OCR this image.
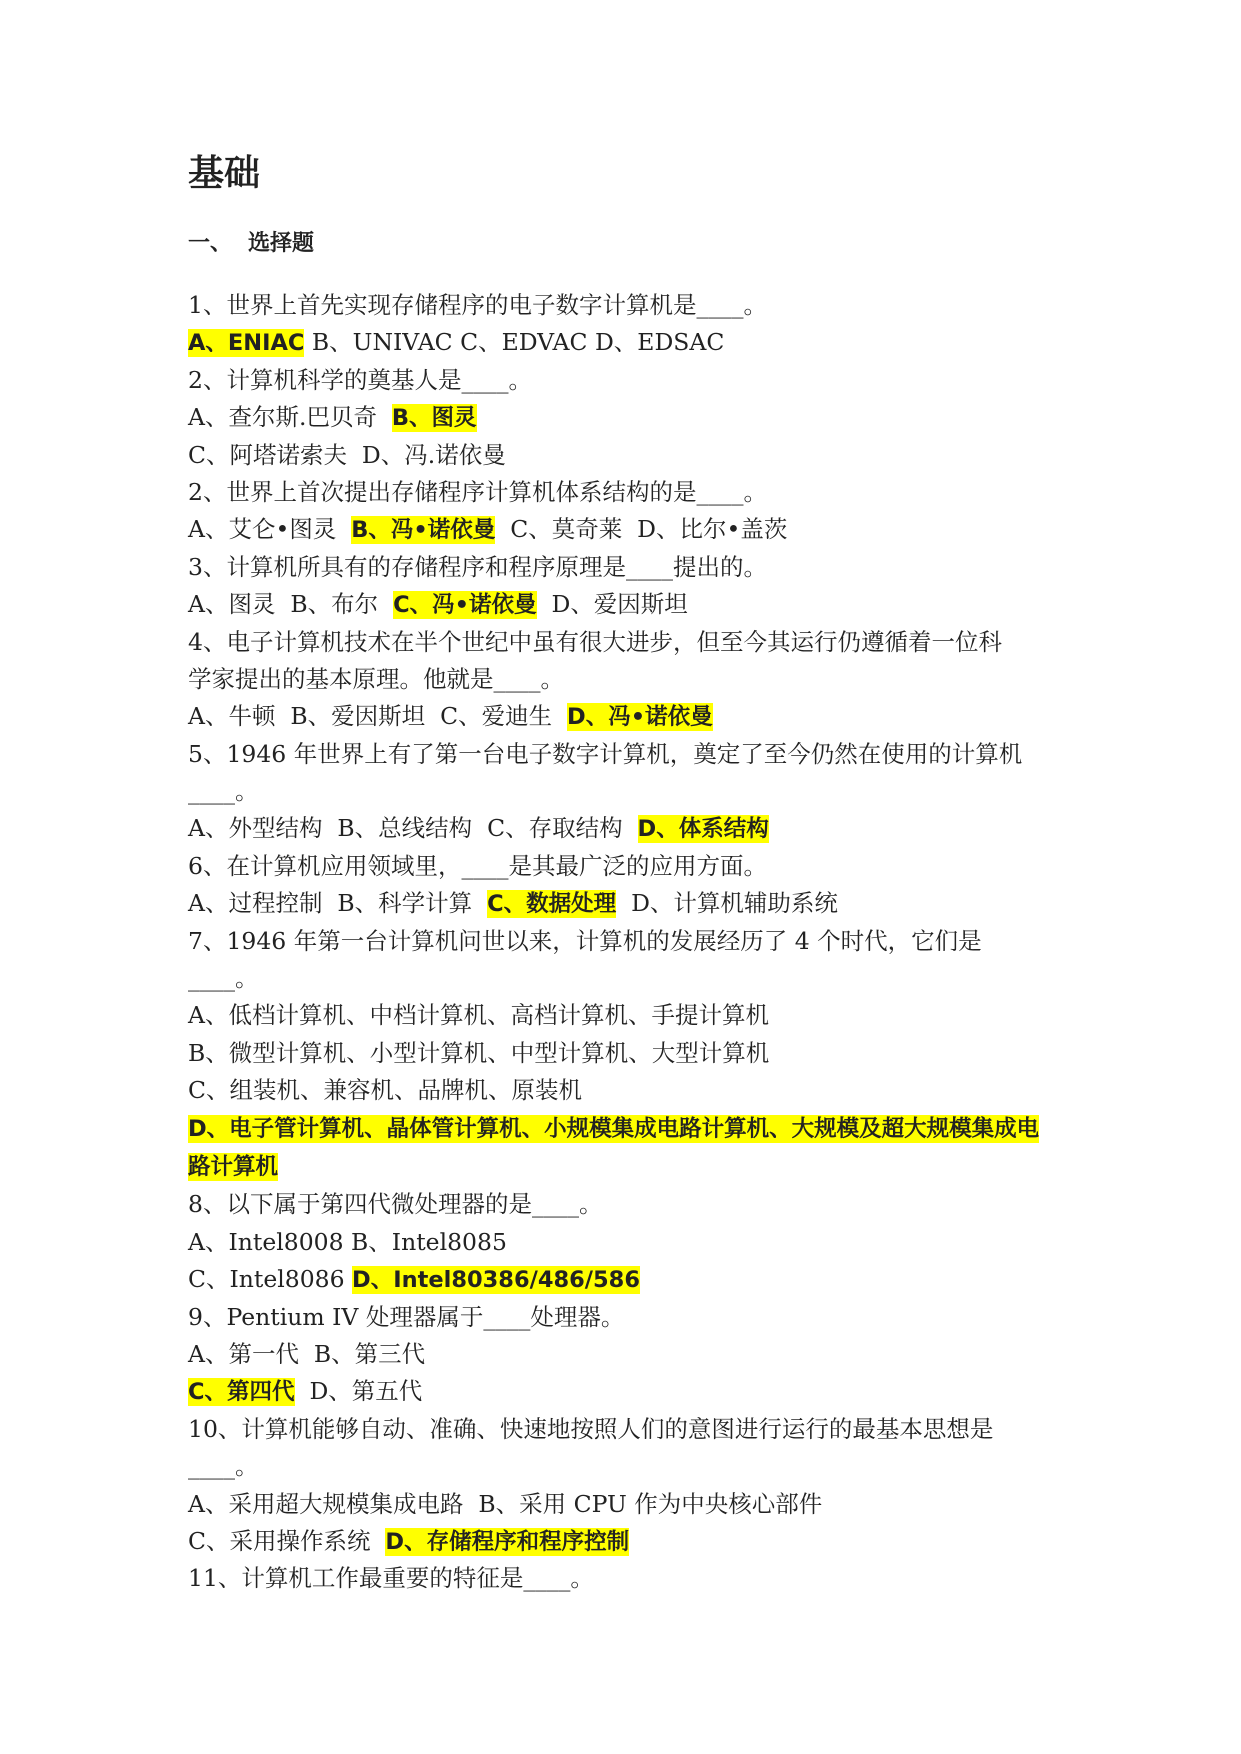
基础
一、 选择题
1、世界上首先实现存储程序的电子数字计算机是____。
A、ENIAC B、UNIVAC C、EDVAC D、EDSAC
2、计算机科学的奠基人是____。
A、查尔斯.巴贝奇  B、图灵
C、阿塔诺索夫  D、冯.诺依曼
2、世界上首次提出存储程序计算机体系结构的是____。
A、艾仑•图灵  B、冯•诺依曼  C、莫奇莱  D、比尔•盖茨
3、计算机所具有的存储程序和程序原理是____提出的。
A、图灵  B、布尔  C、冯•诺依曼  D、爱因斯坦
4、电子计算机技术在半个世纪中虽有很大进步，但至今其运行仍遵循着一位科
学家提出的基本原理。他就是____。
A、牛顿  B、爱因斯坦  C、爱迪生  D、冯•诺依曼
5、1946 年世界上有了第一台电子数字计算机，奠定了至今仍然在使用的计算机
____。
A、外型结构  B、总线结构  C、存取结构  D、体系结构
6、在计算机应用领域里，____是其最广泛的应用方面。
A、过程控制  B、科学计算  C、数据处理  D、计算机辅助系统
7、1946 年第一台计算机问世以来，计算机的发展经历了 4 个时代，它们是
____。
A、低档计算机、中档计算机、高档计算机、手提计算机
B、微型计算机、小型计算机、中型计算机、大型计算机
C、组装机、兼容机、品牌机、原装机
D、电子管计算机、晶体管计算机、小规模集成电路计算机、大规模及超大规模集成电路计算机
8、以下属于第四代微处理器的是____。
A、Intel8008 B、Intel8085
C、Intel8086 D、Intel80386/486/586
9、Pentium IV 处理器属于____处理器。
A、第一代  B、第三代
C、第四代  D、第五代
10、计算机能够自动、准确、快速地按照人们的意图进行运行的最基本思想是
____。
A、采用超大规模集成电路  B、采用 CPU 作为中央核心部件
C、采用操作系统  D、存储程序和程序控制
11、计算机工作最重要的特征是____。
